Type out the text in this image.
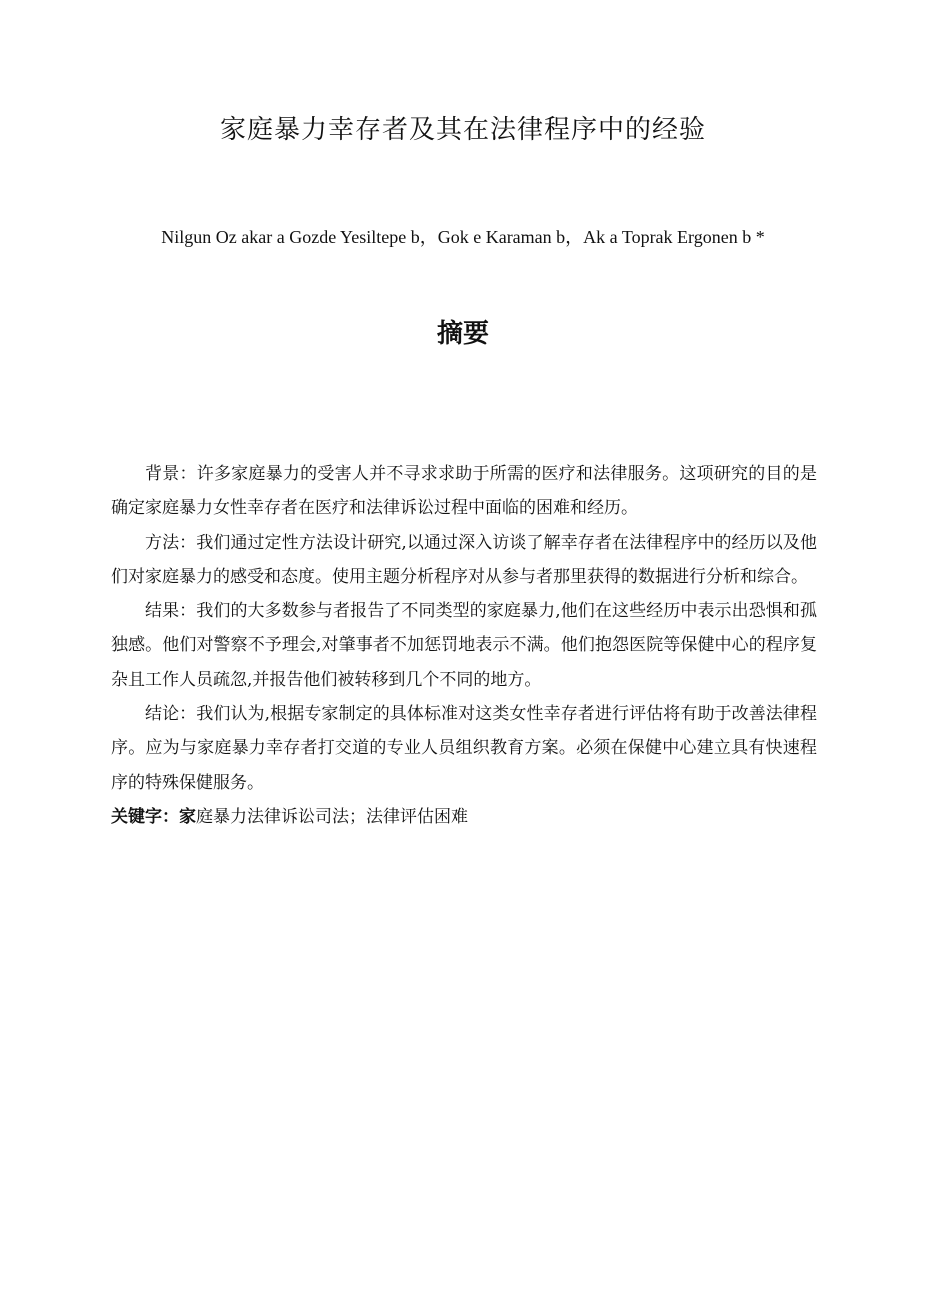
家庭暴力幸存者及其在法律程序中的经验
Nilgun Oz akar a Gozde Yesiltepe b，Gok e Karaman b，Ak a Toprak Ergonen b *
摘要

背景：许多家庭暴力的受害人并不寻求求助于所需的医疗和法律服务。这项研究的目的是确定家庭暴力女性幸存者在医疗和法律诉讼过程中面临的困难和经历。

方法：我们通过定性方法设计研究,以通过深入访谈了解幸存者在法律程序中的经历以及他们对家庭暴力的感受和态度。使用主题分析程序对从参与者那里获得的数据进行分析和综合。

结果：我们的大多数参与者报告了不同类型的家庭暴力,他们在这些经历中表示出恐惧和孤独感。他们对警察不予理会,对肇事者不加惩罚地表示不满。他们抱怨医院等保健中心的程序复杂且工作人员疏忽,并报告他们被转移到几个不同的地方。

结论：我们认为,根据专家制定的具体标准对这类女性幸存者进行评估将有助于改善法律程序。应为与家庭暴力幸存者打交道的专业人员组织教育方案。必须在保健中心建立具有快速程序的特殊保健服务。

关键字：家庭暴力法律诉讼司法；法律评估困难
